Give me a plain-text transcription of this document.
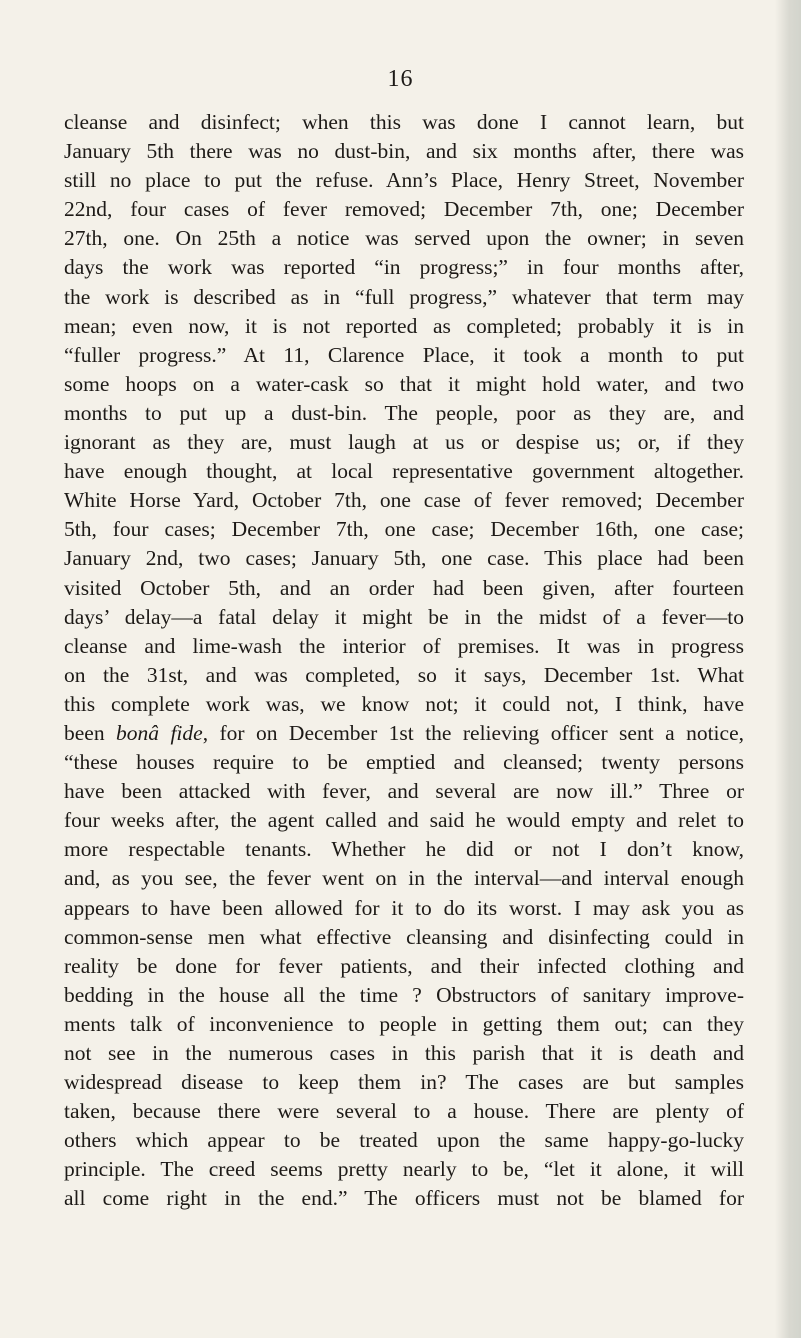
16
cleanse and disinfect; when this was done I cannot learn, but
January 5th there was no dust-bin, and six months after, there was
still no place to put the refuse. Ann’s Place, Henry Street, November
22nd, four cases of fever removed; December 7th, one; December
27th, one. On 25th a notice was served upon the owner; in seven
days the work was reported “in progress;” in four months after,
the work is described as in “full progress,” whatever that term may
mean; even now, it is not reported as completed; probably it is in
“fuller progress.” At 11, Clarence Place, it took a month to put
some hoops on a water-cask so that it might hold water, and two
months to put up a dust-bin. The people, poor as they are, and
ignorant as they are, must laugh at us or despise us; or, if they
have enough thought, at local representative government altogether.
White Horse Yard, October 7th, one case of fever removed; December
5th, four cases; December 7th, one case; December 16th, one case;
January 2nd, two cases; January 5th, one case. This place had been
visited October 5th, and an order had been given, after fourteen
days’ delay—a fatal delay it might be in the midst of a fever—to
cleanse and lime-wash the interior of premises. It was in progress
on the 31st, and was completed, so it says, December 1st. What
this complete work was, we know not; it could not, I think, have
been bonâ fide, for on December 1st the relieving officer sent a notice,
“these houses require to be emptied and cleansed; twenty persons
have been attacked with fever, and several are now ill.” Three or
four weeks after, the agent called and said he would empty and relet to
more respectable tenants. Whether he did or not I don’t know,
and, as you see, the fever went on in the interval—and interval enough
appears to have been allowed for it to do its worst. I may ask you as
common-sense men what effective cleansing and disinfecting could in
reality be done for fever patients, and their infected clothing and
bedding in the house all the time ? Obstructors of sanitary improve-
ments talk of inconvenience to people in getting them out; can they
not see in the numerous cases in this parish that it is death and
widespread disease to keep them in? The cases are but samples
taken, because there were several to a house. There are plenty of
others which appear to be treated upon the same happy-go-lucky
principle. The creed seems pretty nearly to be, “let it alone, it will
all come right in the end.” The officers must not be blamed for
